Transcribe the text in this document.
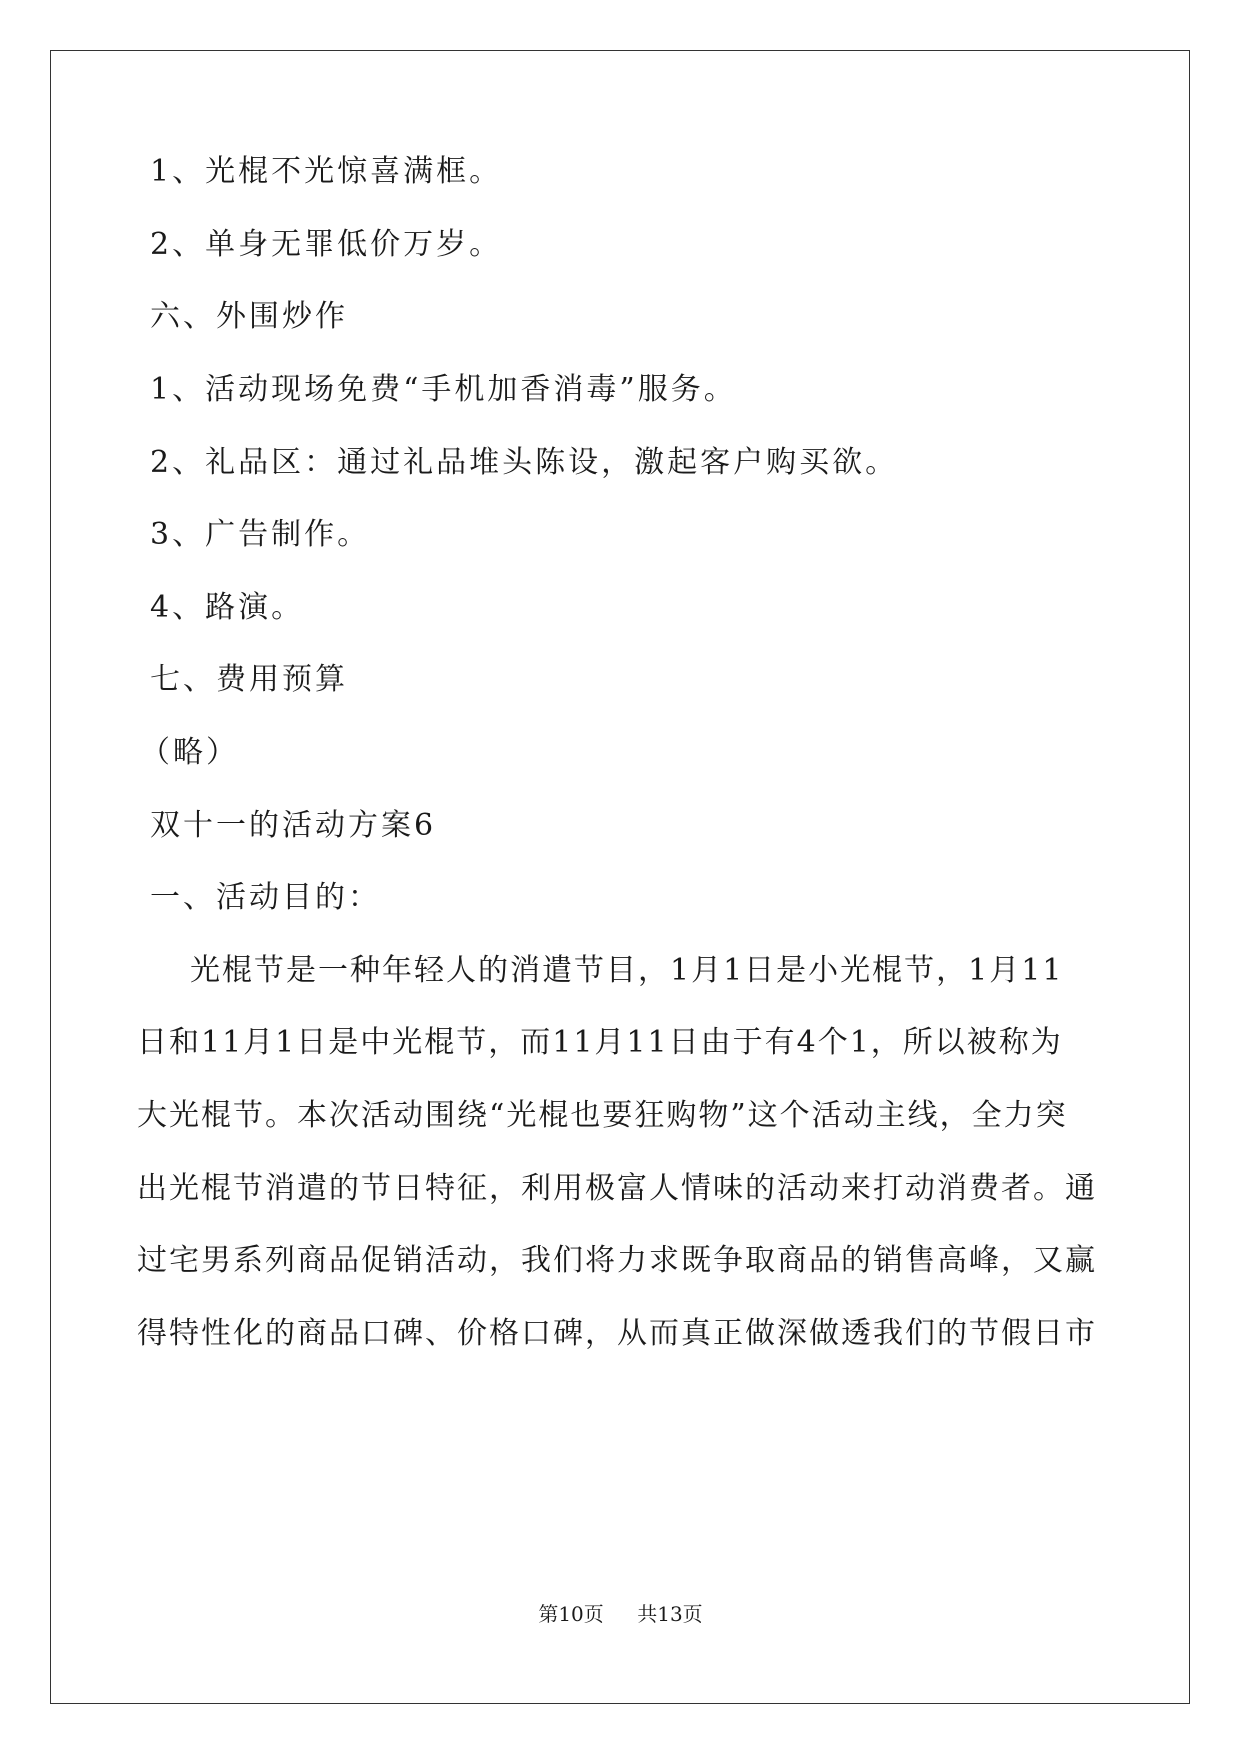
1、光棍不光惊喜满框。
2、单身无罪低价万岁。
六、外围炒作
1、活动现场免费“手机加香消毒”服务。
2、礼品区：通过礼品堆头陈设，激起客户购买欲。
3、广告制作。
4、路演。
七、费用预算
（略）
双十一的活动方案6
一、活动目的：
光棍节是一种年轻人的消遣节目，1月1日是小光棍节，1月11
日和11月1日是中光棍节，而11月11日由于有4个1，所以被称为
大光棍节。本次活动围绕“光棍也要狂购物”这个活动主线，全力突
出光棍节消遣的节日特征，利用极富人情味的活动来打动消费者。通
过宅男系列商品促销活动，我们将力求既争取商品的销售高峰，又赢
得特性化的商品口碑、价格口碑，从而真正做深做透我们的节假日市
第10页 共13页
